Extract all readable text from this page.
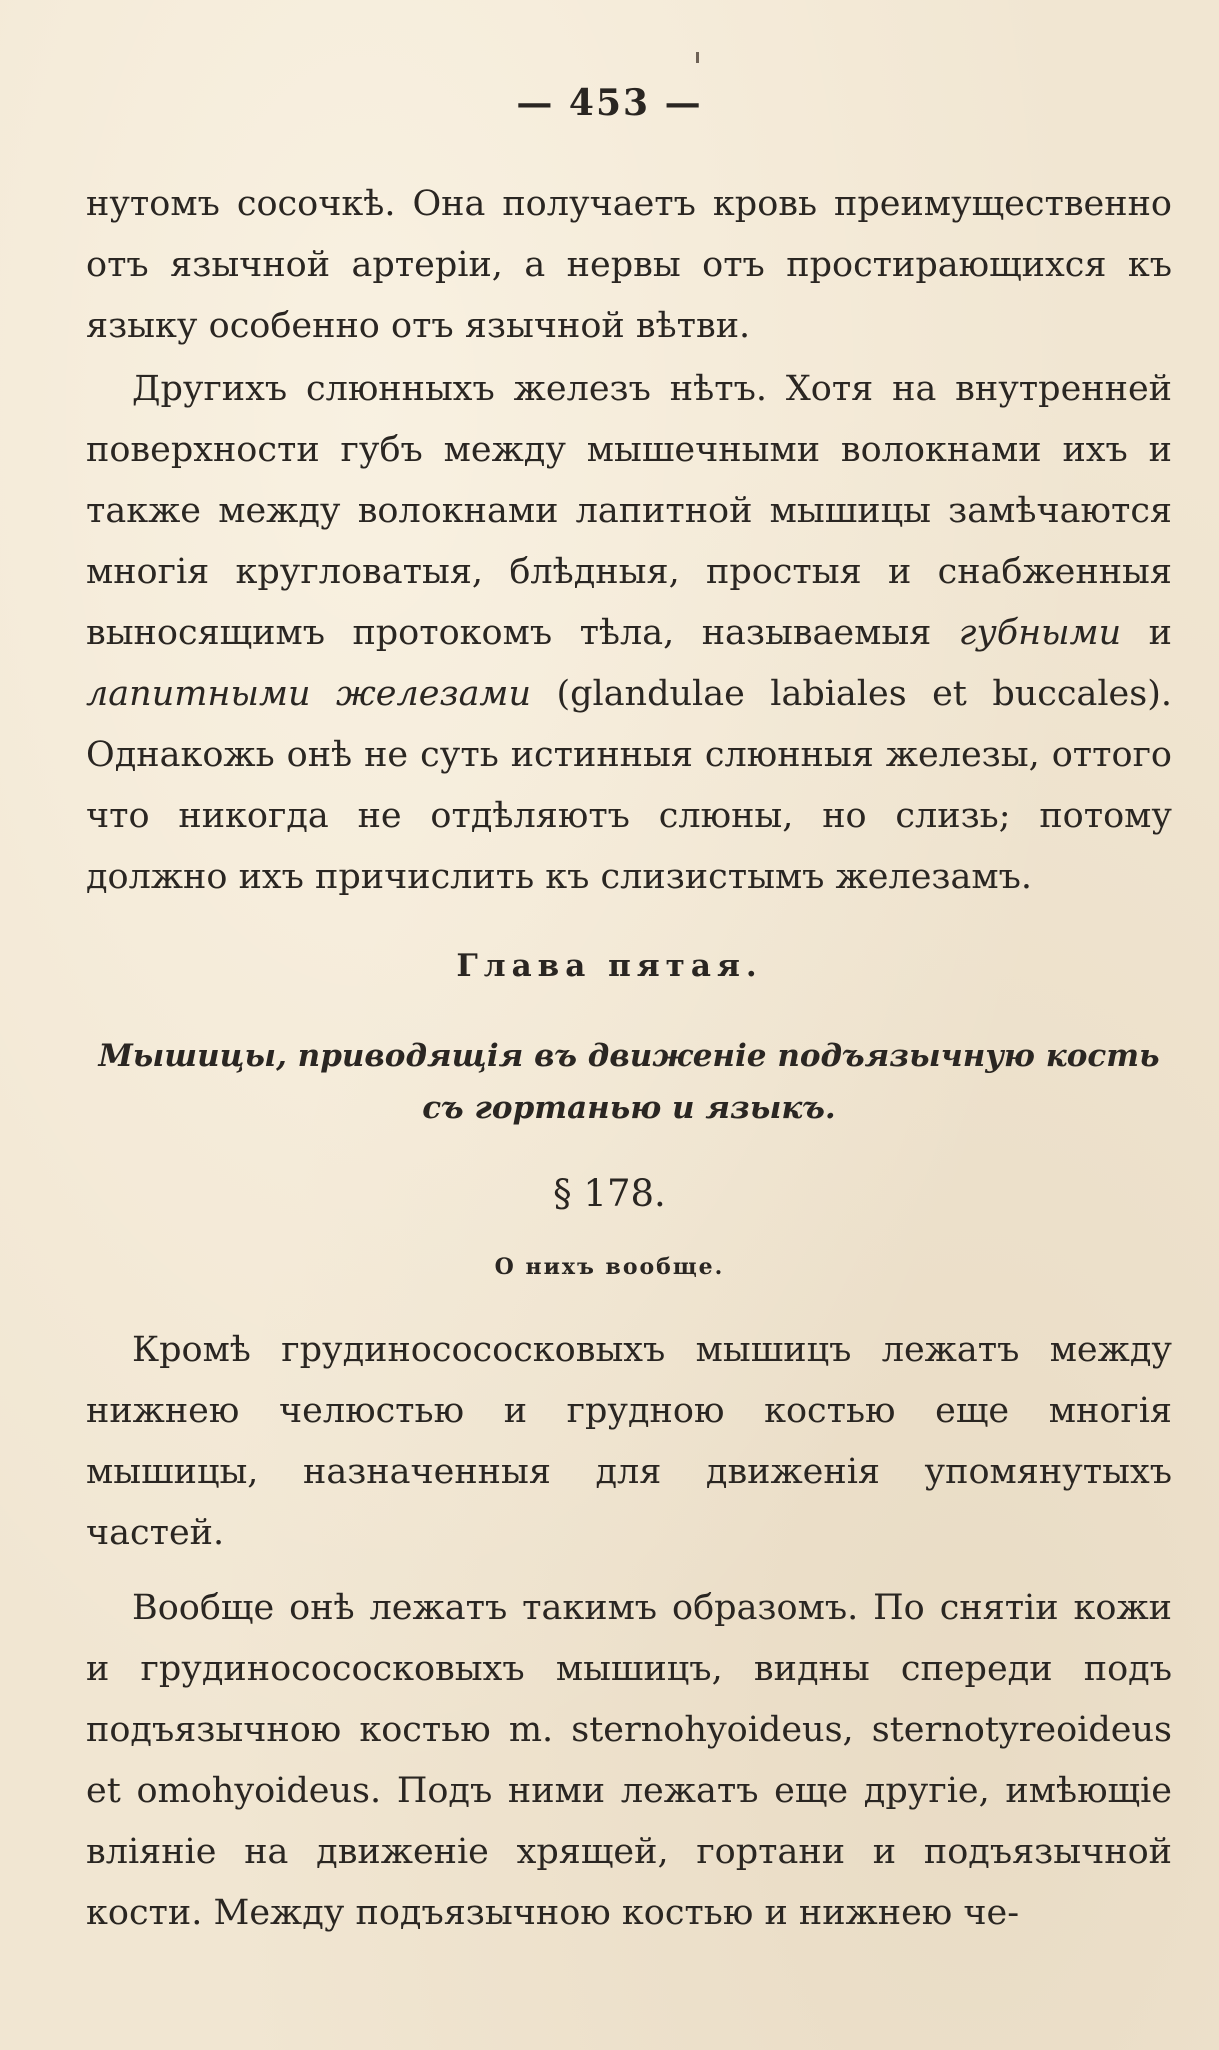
— 453 —

нутомъ сосочкѣ. Она получаетъ кровь преимущественно отъ язычной артеріи, а нервы отъ простирающихся къ языку особенно отъ язычной вѣтви.

Другихъ слюнныхъ железъ нѣтъ. Хотя на внутренней поверхности губъ между мышечными волокнами ихъ и также между волокнами лапитной мышицы замѣчаются многія кругловатыя, блѣдныя, простыя и снабженныя выносящимъ протокомъ тѣла, называемыя губными и лапитными железами (glandulae labiales et buccales). Однакожь онѣ не суть истинныя слюнныя железы, оттого что никогда не отдѣляютъ слюны, но слизь; потому должно ихъ причислить къ слизистымъ железамъ.

Глава пятая.
Мышицы, приводящія въ движеніе подъязычную кость съ гортанью и языкъ.
§ 178.
О нихъ вообще.

Кромѣ грудиносососковыхъ мышицъ лежатъ между нижнею челюстью и грудною костью еще многія мышицы, назначенныя для движенія упомянутыхъ частей.

Вообще онѣ лежатъ такимъ образомъ. По снятіи кожи и грудиносососковыхъ мышицъ, видны спереди подъ подъязычною костью m. sternohyoideus, sternotyreoideus et omohyoideus. Подъ ними лежатъ еще другіе, имѣющіе вліяніе на движеніе хрящей, гортани и подъязычной кости. Между подъязычною костью и нижнею че-
